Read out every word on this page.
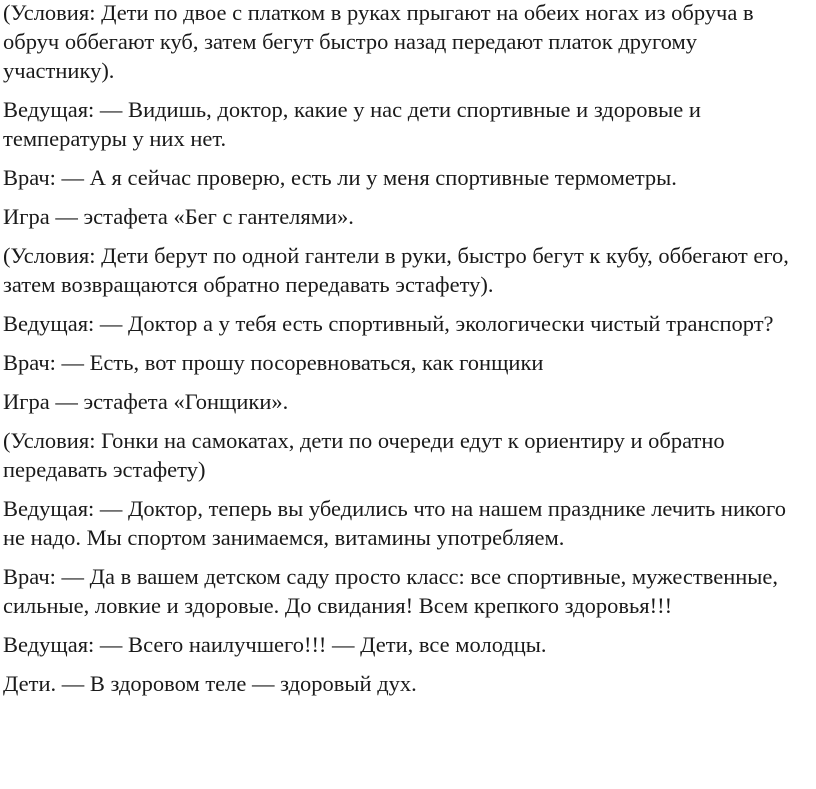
(Условия: Дети по двое с платком в руках прыгают на обеих ногах из обруча в обруч оббегают куб, затем бегут быстро назад передают платок другому участнику).

Ведущая: — Видишь, доктор, какие у нас дети спортивные и здоровые и температуры у них нет.

Врач: — А я сейчас проверю, есть ли у меня спортивные термометры.

Игра — эстафета «Бег с гантелями».

(Условия: Дети берут по одной гантели в руки, быстро бегут к кубу, оббегают его, затем возвращаются обратно передавать эстафету).

Ведущая: — Доктор а у тебя есть спортивный, экологически чистый транспорт?

Врач: — Есть, вот прошу посоревноваться, как гонщики

Игра — эстафета «Гонщики».

(Условия: Гонки на самокатах, дети по очереди едут к ориентиру и обратно передавать эстафету)

Ведущая: — Доктор, теперь вы убедились что на нашем празднике лечить никого не надо. Мы спортом занимаемся, витамины употребляем.

Врач: — Да в вашем детском саду просто класс: все спортивные, мужественные, сильные, ловкие и здоровые. До свидания! Всем крепкого здоровья!!!

Ведущая: — Всего наилучшего!!! — Дети, все молодцы.

Дети. — В здоровом теле — здоровый дух.
